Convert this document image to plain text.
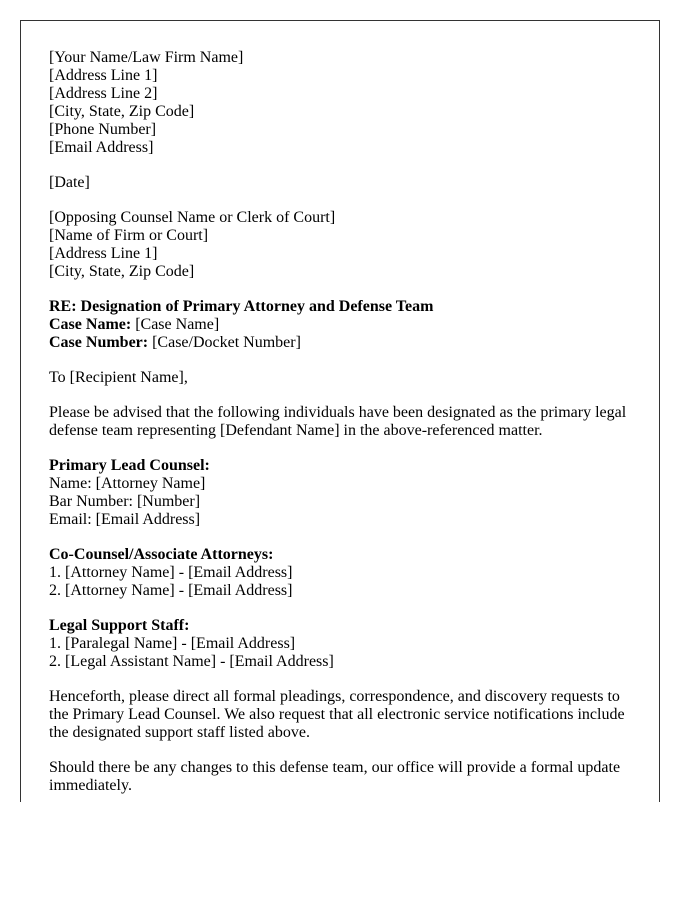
[Your Name/Law Firm Name]
[Address Line 1]
[Address Line 2]
[City, State, Zip Code]
[Phone Number]
[Email Address]

[Date]

[Opposing Counsel Name or Clerk of Court]
[Name of Firm or Court]
[Address Line 1]
[City, State, Zip Code]

RE: Designation of Primary Attorney and Defense Team
Case Name: [Case Name]
Case Number: [Case/Docket Number]

To [Recipient Name],

Please be advised that the following individuals have been designated as the primary legal defense team representing [Defendant Name] in the above-referenced matter.

Primary Lead Counsel:
Name: [Attorney Name]
Bar Number: [Number]
Email: [Email Address]

Co-Counsel/Associate Attorneys:
1. [Attorney Name] - [Email Address]
2. [Attorney Name] - [Email Address]

Legal Support Staff:
1. [Paralegal Name] - [Email Address]
2. [Legal Assistant Name] - [Email Address]

Henceforth, please direct all formal pleadings, correspondence, and discovery requests to the Primary Lead Counsel. We also request that all electronic service notifications include the designated support staff listed above.

Should there be any changes to this defense team, our office will provide a formal update immediately.
